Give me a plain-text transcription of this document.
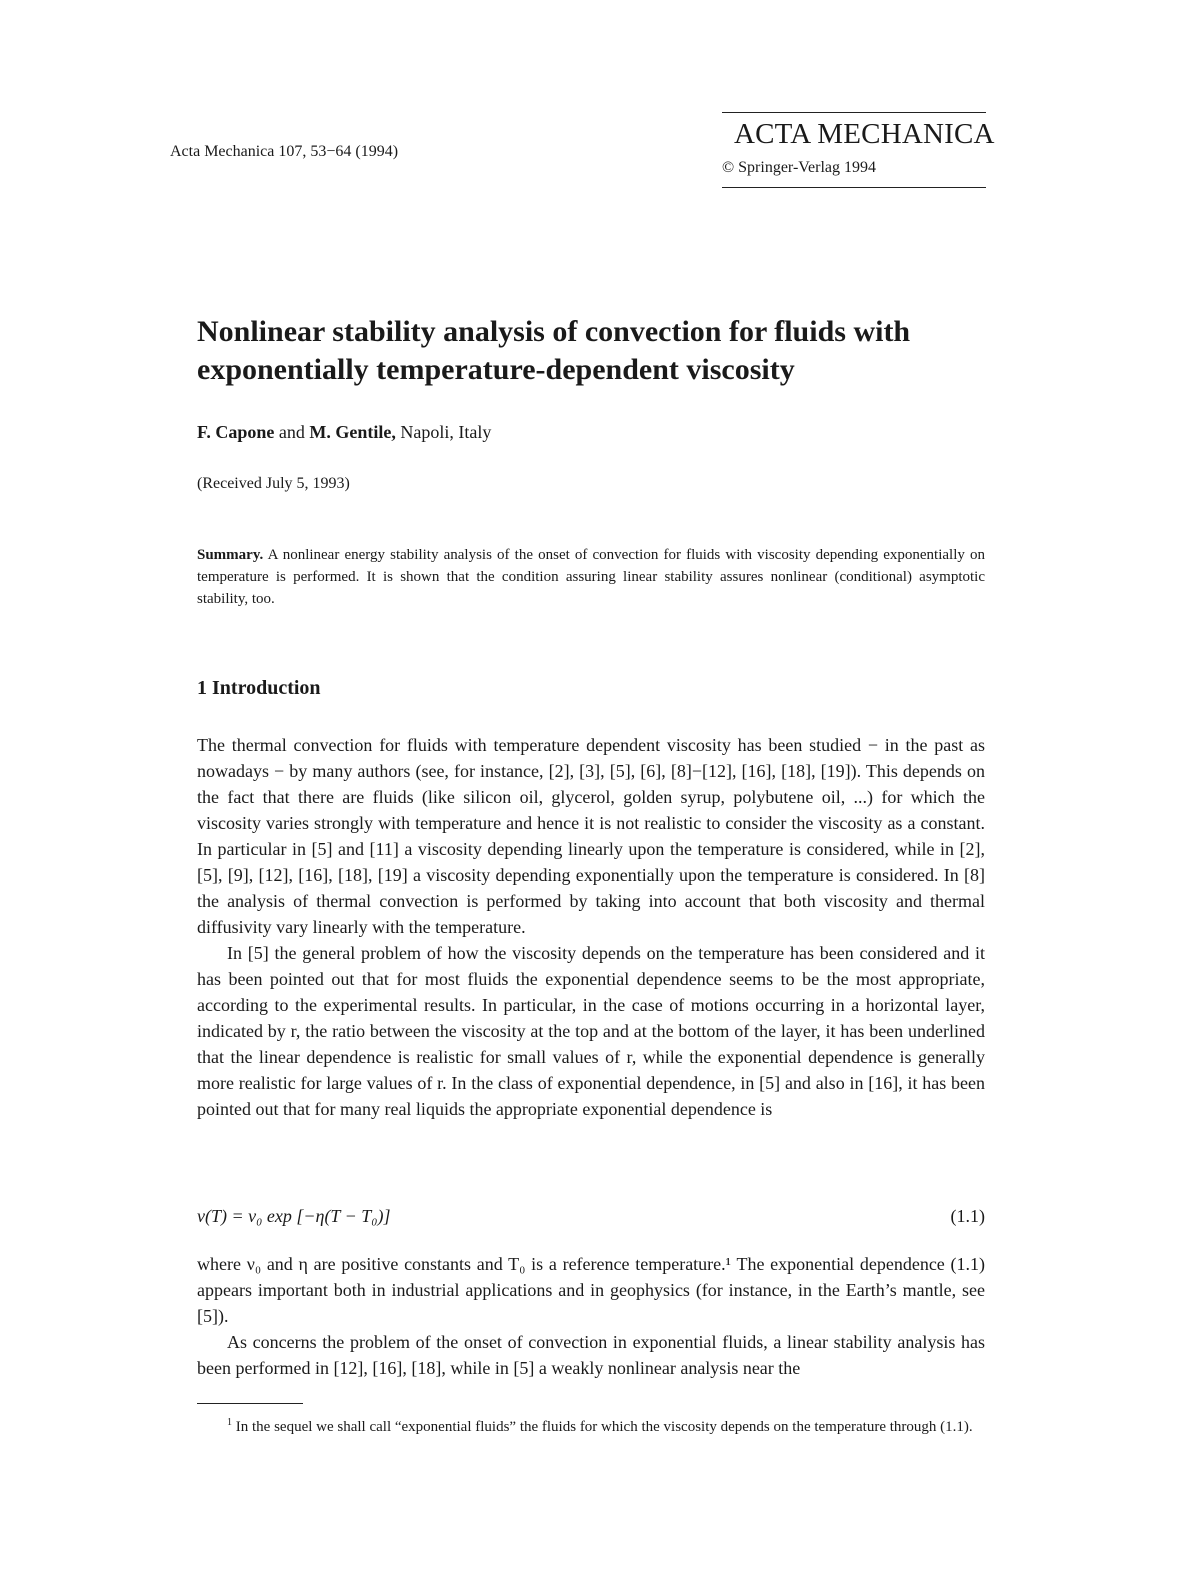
Acta Mechanica 107, 53−64 (1994)
ACTA MECHANICA
© Springer-Verlag 1994
Nonlinear stability analysis of convection for fluids with exponentially temperature-dependent viscosity
F. Capone and M. Gentile, Napoli, Italy
(Received July 5, 1993)
Summary. A nonlinear energy stability analysis of the onset of convection for fluids with viscosity depending exponentially on temperature is performed. It is shown that the condition assuring linear stability assures nonlinear (conditional) asymptotic stability, too.
1 Introduction

The thermal convection for fluids with temperature dependent viscosity has been studied − in the past as nowadays − by many authors (see, for instance, [2], [3], [5], [6], [8]−[12], [16], [18], [19]). This depends on the fact that there are fluids (like silicon oil, glycerol, golden syrup, polybutene oil, ...) for which the viscosity varies strongly with temperature and hence it is not realistic to consider the viscosity as a constant. In particular in [5] and [11] a viscosity depending linearly upon the temperature is considered, while in [2], [5], [9], [12], [16], [18], [19] a viscosity depending exponentially upon the temperature is considered. In [8] the analysis of thermal convection is performed by taking into account that both viscosity and thermal diffusivity vary linearly with the temperature.

In [5] the general problem of how the viscosity depends on the temperature has been considered and it has been pointed out that for most fluids the exponential dependence seems to be the most appropriate, according to the experimental results. In particular, in the case of motions occurring in a horizontal layer, indicated by r, the ratio between the viscosity at the top and at the bottom of the layer, it has been underlined that the linear dependence is realistic for small values of r, while the exponential dependence is generally more realistic for large values of r. In the class of exponential dependence, in [5] and also in [16], it has been pointed out that for many real liquids the appropriate exponential dependence is

ν(T) = ν₀ exp [−η(T − T₀)]	(1.1)

where ν₀ and η are positive constants and T₀ is a reference temperature.¹ The exponential dependence (1.1) appears important both in industrial applications and in geophysics (for instance, in the Earth’s mantle, see [5]).

As concerns the problem of the onset of convection in exponential fluids, a linear stability analysis has been performed in [12], [16], [18], while in [5] a weakly nonlinear analysis near the

$^1$ In the sequel we shall call “exponential fluids” the fluids for which the viscosity depends on the temperature through (1.1).
